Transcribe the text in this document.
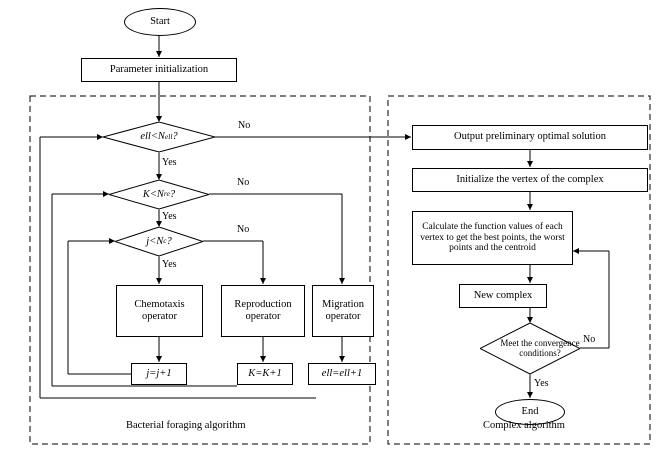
Start
Parameter initialization
ell<N ell ?
K<N re ?
j<N c ?
Chemotaxis operator
Reproduction operator
Migration operator
j=j+1	K=K+1	ell=ell+1
Output preliminary optimal solution
Initialize the vertex of the complex
Calculate the function values of each vertex to get the best points, the worst points and the centroid
New complex
Meet the convergence conditions?
End
No
Yes
No
Yes
No
Yes
No
Yes
Bacterial foraging algorithm	Complex algorithm
